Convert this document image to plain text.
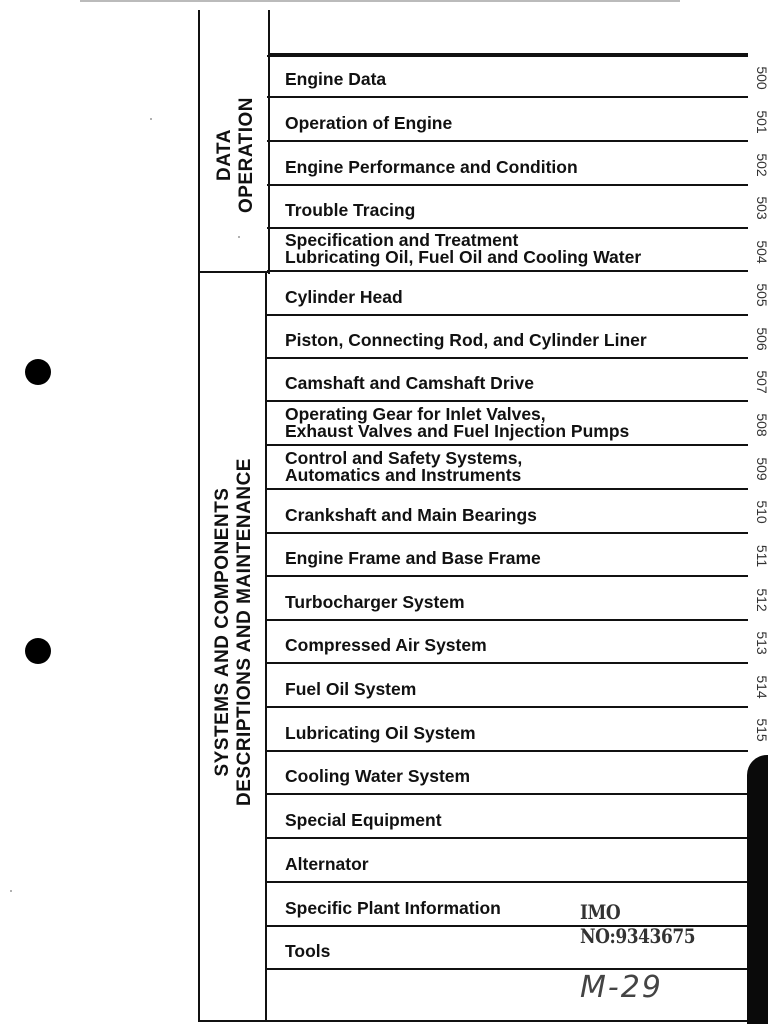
DATA OPERATION
SYSTEMS AND COMPONENTS DESCRIPTIONS AND MAINTENANCE
Engine Data
Operation of Engine
Engine Performance and Condition
Trouble Tracing
Specification and Treatment
Lubricating Oil, Fuel Oil and Cooling Water
Cylinder Head
Piston, Connecting Rod, and Cylinder Liner
Camshaft and Camshaft Drive
Operating Gear for Inlet Valves,
Exhaust Valves and Fuel Injection Pumps
Control and Safety Systems,
Automatics and Instruments
Crankshaft and Main Bearings
Engine Frame and Base Frame
Turbocharger System
Compressed Air System
Fuel Oil System
Lubricating Oil System
Cooling Water System
Special Equipment
Alternator
Specific Plant Information
Tools
IMO NO:9343675
M-29
500
501
502
503
504
505
506
507
508
509
510
511
512
513
514
515
